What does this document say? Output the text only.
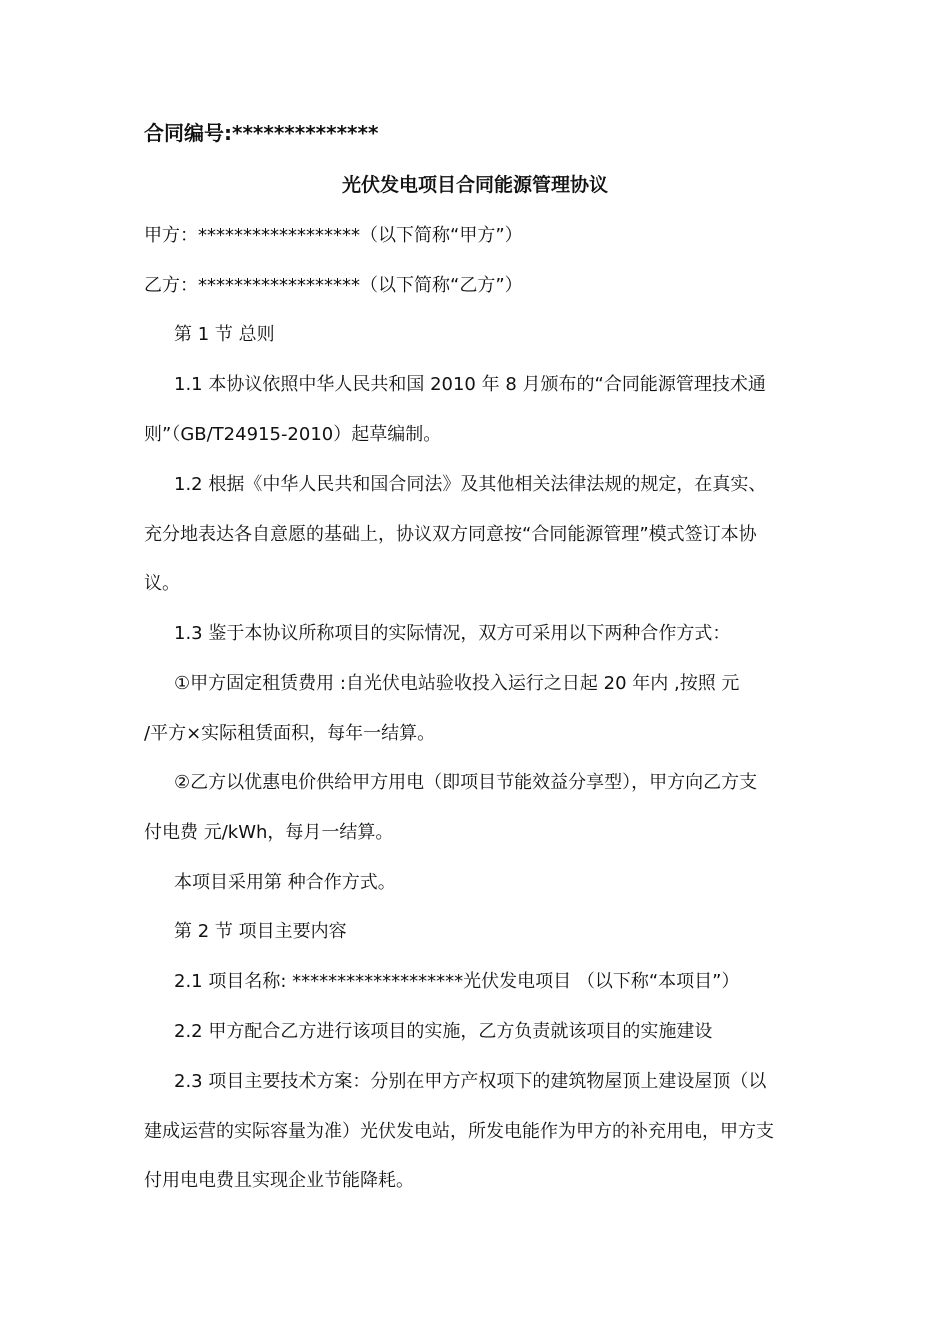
合同编号:**************
光伏发电项目合同能源管理协议
甲方：******************（以下简称“甲方”）
乙方：******************（以下简称“乙方”）
第 1 节 总则
1.1 本协议依照中华人民共和国 2010 年 8 月颁布的“合同能源管理技术通
则”（GB/T24915-2010）起草编制。
1.2 根据《中华人民共和国合同法》及其他相关法律法规的规定，在真实、
充分地表达各自意愿的基础上，协议双方同意按“合同能源管理”模式签订本协
议。
1.3 鉴于本协议所称项目的实际情况，双方可采用以下两种合作方式：
①甲方固定租赁费用 :自光伏电站验收投入运行之日起 20 年内 ,按照 元
/平方×实际租赁面积，每年一结算。
②乙方以优惠电价供给甲方用电（即项目节能效益分享型），甲方向乙方支
付电费 元/kWh，每月一结算。
本项目采用第 种合作方式。
第 2 节 项目主要内容
2.1 项目名称: *******************光伏发电项目 （以下称“本项目”）
2.2 甲方配合乙方进行该项目的实施，乙方负责就该项目的实施建设
2.3 项目主要技术方案：分别在甲方产权项下的建筑物屋顶上建设屋顶（以
建成运营的实际容量为准）光伏发电站，所发电能作为甲方的补充用电，甲方支
付用电电费且实现企业节能降耗。
